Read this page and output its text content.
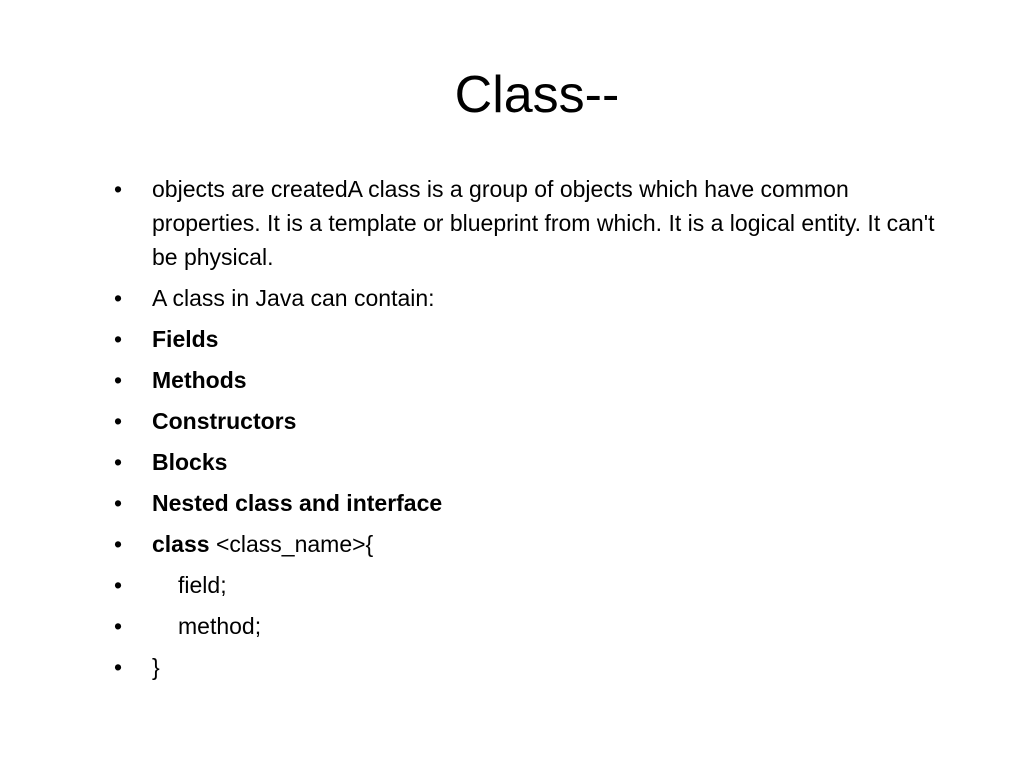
Class--
•	objects are createdA class is a group of objects which have common properties. It is a template or blueprint from which. It is a logical entity. It can't be physical.
•	A class in Java can contain:
•	Fields
•	Methods
•	Constructors
•	Blocks
•	Nested class and interface
•	class <class_name>{
•	field;
•	method;
•	}
